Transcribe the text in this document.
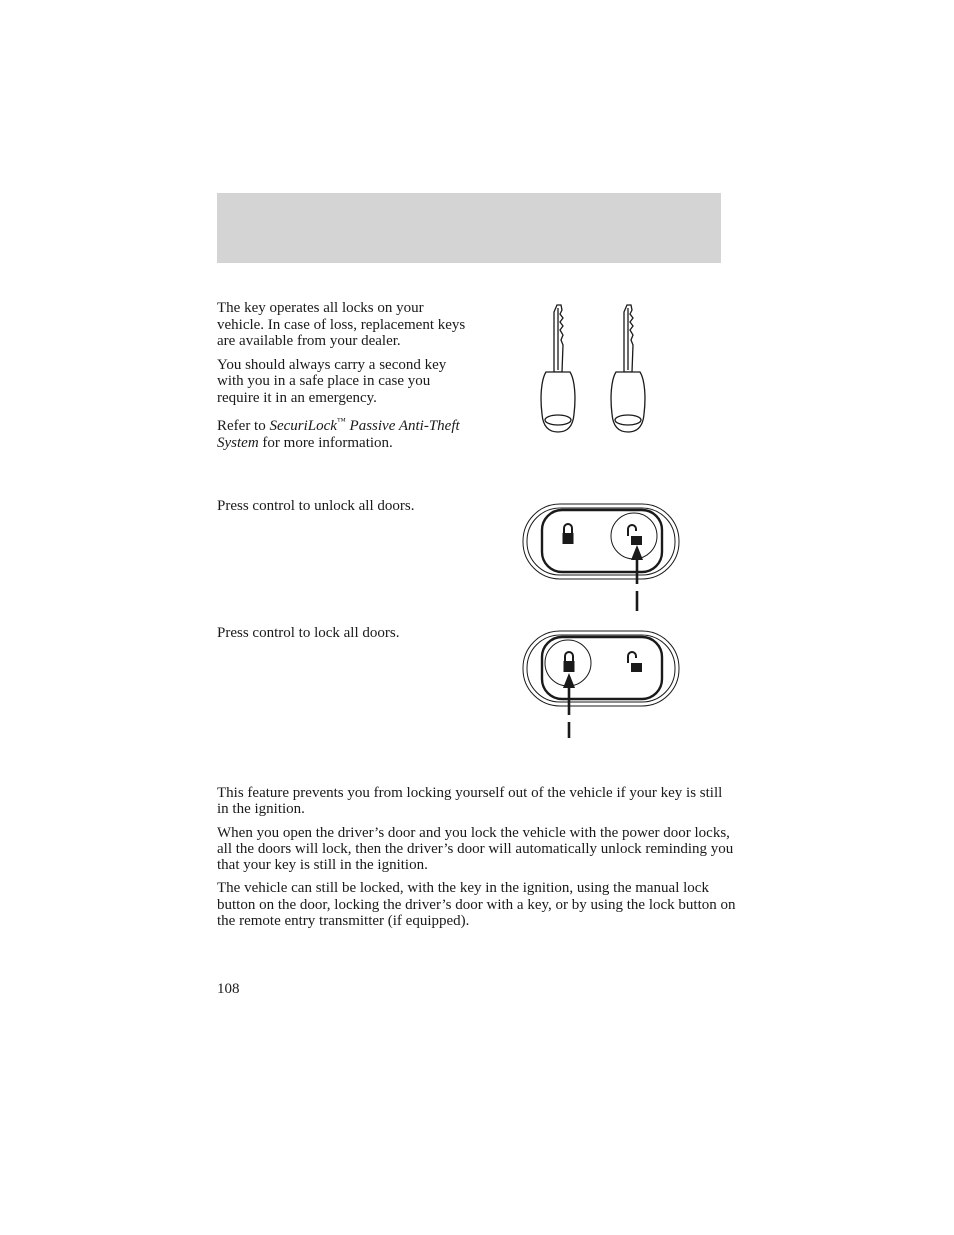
The key operates all locks on your vehicle. In case of loss, replacement keys are available from your dealer.

You should always carry a second key with you in a safe place in case you require it in an emergency.

Refer to SecuriLock™ Passive Anti-Theft System for more information.

Press control to unlock all doors.
Press control to lock all doors.

This feature prevents you from locking yourself out of the vehicle if your key is still in the ignition.

When you open the driver’s door and you lock the vehicle with the power door locks, all the doors will lock, then the driver’s door will automatically unlock reminding you that your key is still in the ignition.

The vehicle can still be locked, with the key in the ignition, using the manual lock button on the door, locking the driver’s door with a key, or by using the lock button on the remote entry transmitter (if equipped).

108
